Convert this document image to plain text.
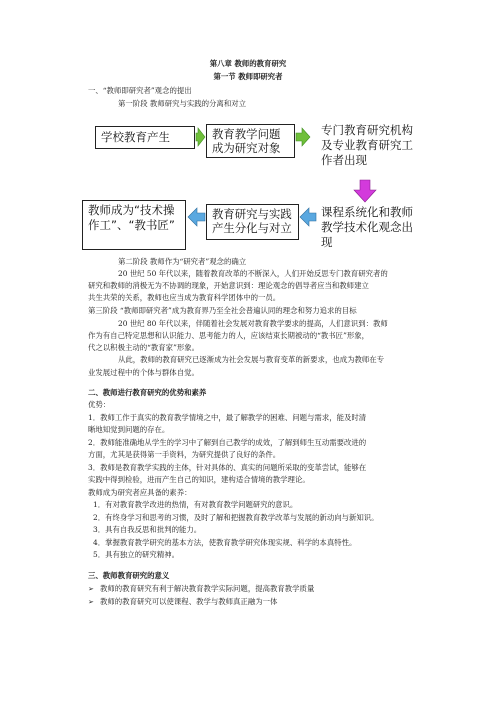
第八章 教师的教育研究
第一节 教师即研究者
一、“教师即研究者”观念的提出
第一阶段 教师研究与实践的分离和对立
学校教育产生	教育教学问题成为研究对象
专门教育研究机构及专业教育研究工作者出现
课程系统化和教师教学技术化观念出现
教育研究与实践产生分化与对立
教师成为“技术操作工”、“教书匠”
第二阶段 教师作为“研究者”观念的确立
20 世纪 50 年代以来，随着教育改革的不断深入，人们开始反思专门教育研究者的
研究和教师的消极无为不协调的现象，开始意识到：理论观念的倡导者应当和教师建立
共生共荣的关系，教师也应当成为教育科学团体中的一员。
第三阶段 “教师即研究者”成为教育界乃至全社会普遍认同的理念和努力追求的目标
20 世纪 80 年代以来，伴随着社会发展对教育教学要求的提高，人们意识到：教师
作为有自己特定思想和认识能力、思考能力的人，应该结束长期被动的“教书匠”形象，
代之以积极主动的“教育家”形象。
从此，教师的教育研究已逐渐成为社会发展与教育变革的新要求，也成为教师在专
业发展过程中的个体与群体自觉。
二、教师进行教育研究的优势和素养
优势：
1．教师工作于真实的教育教学情境之中，最了解教学的困难、问题与需求，能及时清
晰地知觉到问题的存在。
2．教师能准确地从学生的学习中了解到自己教学的成效，了解到师生互动需要改进的
方面，尤其是获得第一手资料，为研究提供了良好的条件。
3．教师是教育教学实践的主体，针对具体的、真实的问题所采取的变革尝试，能够在
实践中得到检验，进而产生自己的知识，建构适合情境的教学理论。
教师成为研究者应具备的素养：
1．有对教育教学改进的热情，有对教育教学问题研究的意识。
2．有终身学习和思考的习惯，及时了解和把握教育教学改革与发展的新动向与新知识。
3．具有自我反思和批判的能力。
4．掌握教育教学研究的基本方法，使教育教学研究体现实规、科学的本真特性。
5．具有独立的研究精神。
三、教师教育研究的意义
➢ 教师的教育研究有利于解决教育教学实际问题，提高教育教学质量
➢ 教师的教育研究可以使课程、教学与教师真正融为一体
